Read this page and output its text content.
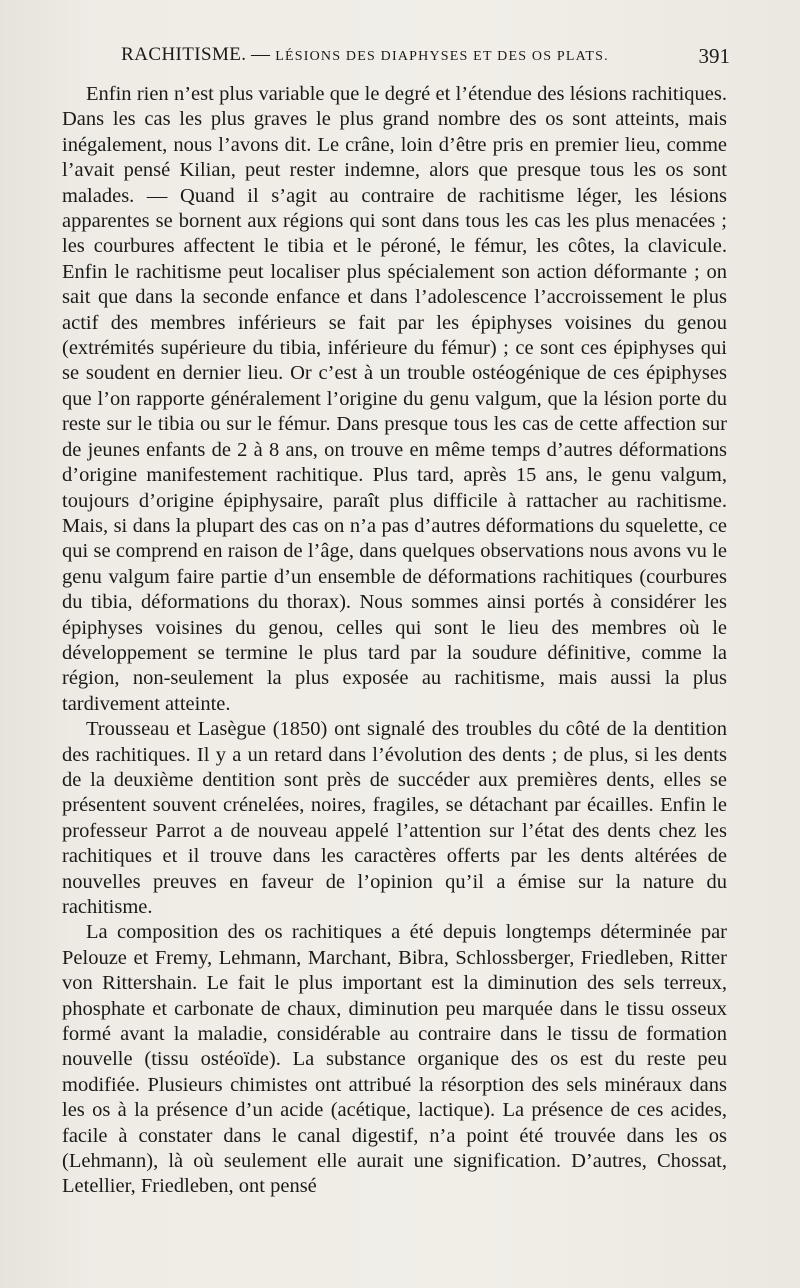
RACHITISME. — LÉSIONS DES DIAPHYSES ET DES OS PLATS.	391

Enfin rien n’est plus variable que le degré et l’étendue des lésions rachitiques. Dans les cas les plus graves le plus grand nombre des os sont atteints, mais inégalement, nous l’avons dit. Le crâne, loin d’être pris en premier lieu, comme l’avait pensé Kilian, peut rester indemne, alors que presque tous les os sont malades. — Quand il s’agit au contraire de rachitisme léger, les lésions apparentes se bornent aux régions qui sont dans tous les cas les plus menacées ; les courbures affectent le tibia et le péroné, le fémur, les côtes, la clavicule. Enfin le rachitisme peut localiser plus spécialement son action déformante ; on sait que dans la seconde enfance et dans l’adolescence l’accroissement le plus actif des membres inférieurs se fait par les épiphyses voisines du genou (extrémités supérieure du tibia, inférieure du fémur) ; ce sont ces épiphyses qui se soudent en dernier lieu. Or c’est à un trouble ostéogénique de ces épiphyses que l’on rapporte généralement l’origine du genu valgum, que la lésion porte du reste sur le tibia ou sur le fémur. Dans presque tous les cas de cette affection sur de jeunes enfants de 2 à 8 ans, on trouve en même temps d’autres déformations d’origine manifestement rachitique. Plus tard, après 15 ans, le genu valgum, toujours d’origine épiphysaire, paraît plus difficile à rattacher au rachitisme. Mais, si dans la plupart des cas on n’a pas d’autres déformations du squelette, ce qui se comprend en raison de l’âge, dans quelques observations nous avons vu le genu valgum faire partie d’un ensemble de déformations rachitiques (courbures du tibia, déformations du thorax). Nous sommes ainsi portés à considérer les épiphyses voisines du genou, celles qui sont le lieu des membres où le développement se termine le plus tard par la soudure définitive, comme la région, non-seulement la plus exposée au rachitisme, mais aussi la plus tardivement atteinte.

Trousseau et Lasègue (1850) ont signalé des troubles du côté de la dentition des rachitiques. Il y a un retard dans l’évolution des dents ; de plus, si les dents de la deuxième dentition sont près de succéder aux premières dents, elles se présentent souvent crénelées, noires, fragiles, se détachant par écailles. Enfin le professeur Parrot a de nouveau appelé l’attention sur l’état des dents chez les rachitiques et il trouve dans les caractères offerts par les dents altérées de nouvelles preuves en faveur de l’opinion qu’il a émise sur la nature du rachitisme.

La composition des os rachitiques a été depuis longtemps déterminée par Pelouze et Fremy, Lehmann, Marchant, Bibra, Schlossberger, Friedleben, Ritter von Rittershain. Le fait le plus important est la diminution des sels terreux, phosphate et carbonate de chaux, diminution peu marquée dans le tissu osseux formé avant la maladie, considérable au contraire dans le tissu de formation nouvelle (tissu ostéoïde). La substance organique des os est du reste peu modifiée. Plusieurs chimistes ont attribué la résorption des sels minéraux dans les os à la présence d’un acide (acétique, lactique). La présence de ces acides, facile à constater dans le canal digestif, n’a point été trouvée dans les os (Lehmann), là où seulement elle aurait une signification. D’autres, Chossat, Letellier, Friedleben, ont pensé
